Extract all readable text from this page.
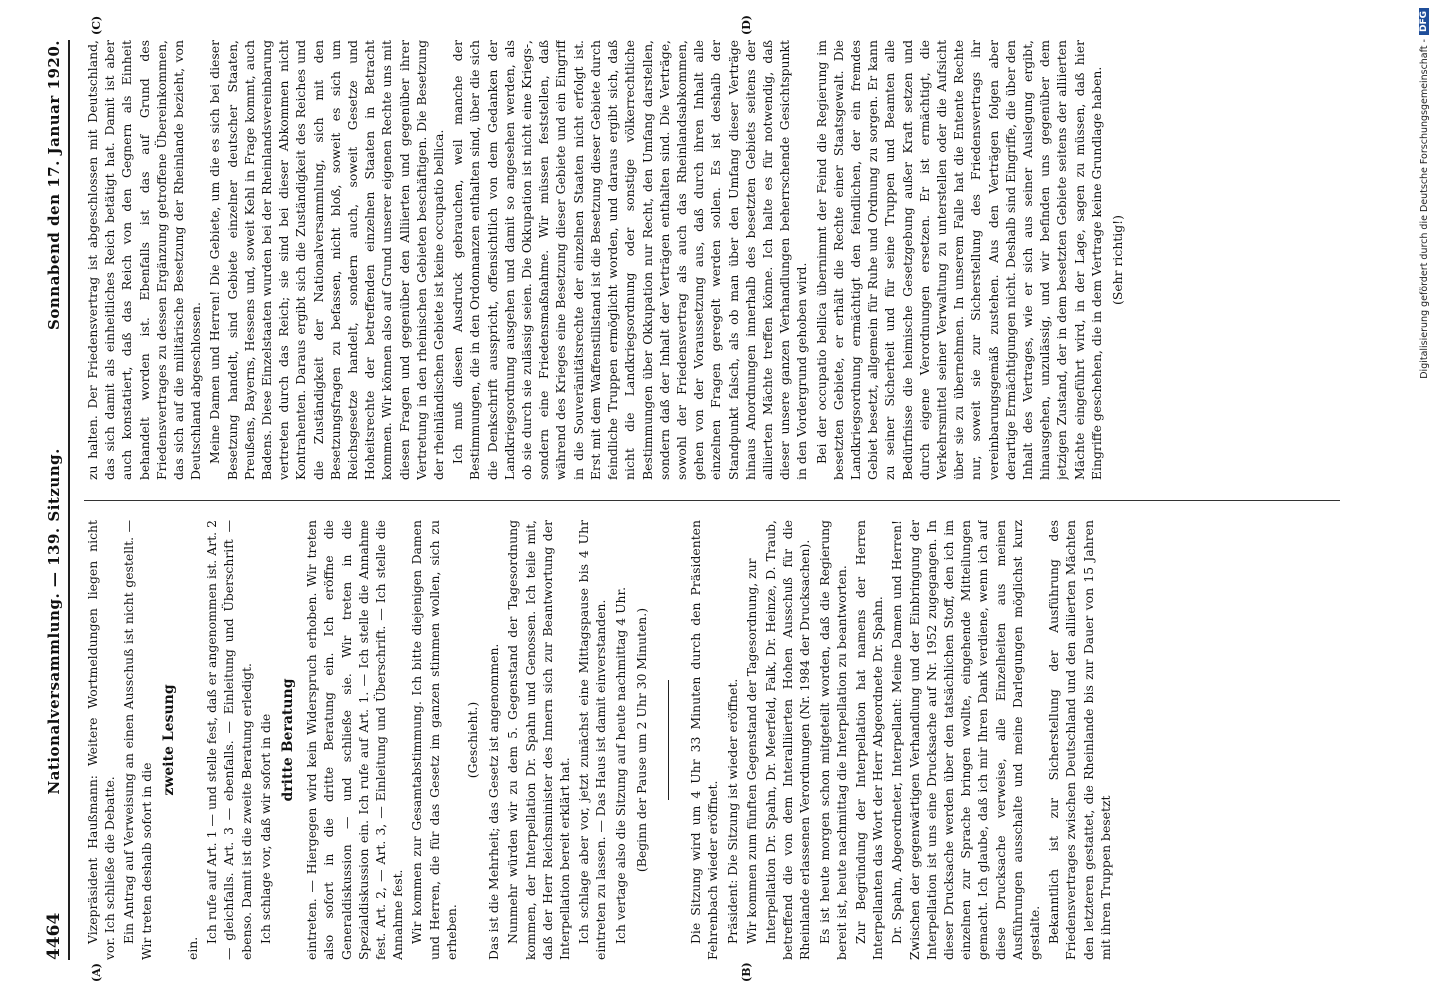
4464
Nationalversammlung. — 139. Sitzung.
Sonnabend den 17. Januar 1920.
(A)	(B)
(C)	(D)

Vizepräsident Haußmann: Weitere Wortmeldungen liegen nicht vor. Ich schließe die Debatte. Ein Antrag auf Verweisung an einen Ausschuß ist nicht gestellt. — Wir treten deshalb sofort in die

zweite Lesung

ein.

Ich rufe auf Art. 1 — und stelle fest, daß er angenommen ist. Art. 2 — gleichfalls. Art. 3 — ebenfalls. — Einleitung und Überschrift — ebenso. Damit ist die zweite Beratung erledigt. Ich schlage vor, daß wir sofort in die dritte Beratung eintreten. — Hiergegen wird kein Widerspruch erhoben. Wir treten also sofort in die dritte Beratung ein. Ich eröffne die Generaldiskussion — und schließe sie. Wir treten in die Spezialdiskussion ein. Ich rufe auf Art. 1. — Ich stelle die Annahme fest. Art. 2, — Art. 3, — Einleitung und Überschrift. — Ich stelle die Annahme fest. Wir kommen zur Gesamtabstimmung. Ich bitte diejenigen Damen und Herren, die für das Gesetz im ganzen stimmen wollen, sich zu erheben.

(Geschieht.) Das ist die Mehrheit; das Gesetz ist angenommen. Nunmehr würden wir zu dem 5. Gegenstand der Tagesordnung kommen, der Interpellation Dr. Spahn und Genossen. Ich teile mit, daß der Herr Reichsminister des Innern sich zur Beantwortung der Interpellation bereit erklärt hat. Ich schlage aber vor, jetzt zunächst eine Mittagspause bis 4 Uhr eintreten zu lassen. — Das Haus ist damit einverstanden. Ich vertage also die Sitzung auf heute nachmittag 4 Uhr. (Beginn der Pause um 2 Uhr 30 Minuten.)	Die Sitzung wird um 4 Uhr 33 Minuten durch den Präsidenten Fehrenbach wieder eröffnet. Präsident: Die Sitzung ist wieder eröffnet. Wir kommen zum fünften Gegenstand der Tagesordnung, zur Interpellation Dr. Spahn, Dr. Meerfeld, Falk, Dr. Heinze, D. Traub, betreffend die von dem Interalliierten Hohen Ausschuß für die Rheinlande erlassenen Verordnungen (Nr. 1984 der Drucksachen). Es ist heute morgen schon mitgeteilt worden, daß die Regierung bereit ist, heute nachmittag die Interpellation zu beantworten. Zur Begründung der Interpellation hat namens der Herren Interpellanten das Wort der Herr Abgeordnete Dr. Spahn. Dr. Spahn, Abgeordneter, Interpellant: Meine Damen und Herren! Zwischen der gegenwärtigen Verhandlung und der Einbringung der Interpellation ist uns eine Drucksache auf Nr. 1952 zugegangen. In dieser Drucksache werden über den tatsächlichen Stoff, den ich im einzelnen zur Sprache bringen wollte, eingehende Mitteilungen gemacht. Ich glaube, daß ich mir Ihren Dank verdiene, wenn ich auf diese Drucksache verweise, alle Einzelheiten aus meinen Ausführungen ausschalte und meine Darlegungen möglichst kurz gestalte. Bekanntlich ist zur Sicherstellung der Ausführung des Friedensvertrages zwischen Deutschland und den alliierten Mächten den letzteren gestattet, die Rheinlande bis zur Dauer von 15 Jahren mit ihren Truppen besetzt

zu halten. Der Friedensvertrag ist abgeschlossen mit Deutschland, das sich damit als einheitliches Reich betätigt hat. Damit ist aber auch konstatiert, daß das Reich von den Gegnern als Einheit behandelt worden ist. Ebenfalls ist das auf Grund des Friedensvertrages zu dessen Ergänzung getroffene Übereinkommen, das sich auf die militärische Besetzung der Rheinlande bezieht, von Deutschland abgeschlossen. Meine Damen und Herren! Die Gebiete, um die es sich bei dieser Besetzung handelt, sind Gebiete einzelner deutscher Staaten, Preußens, Bayerns, Hessens und, soweit Kehl in Frage kommt, auch Badens. Diese Einzelstaaten wurden bei der Rheinlandsvereinbarung vertreten durch das Reich; sie sind bei dieser Abkommen nicht Kontrahenten. Daraus ergibt sich die Zuständigkeit des Reiches und die Zuständigkeit der Nationalversammlung, sich mit den Besetzungsfragen zu befassen, nicht bloß, soweit es sich um Reichsgesetze handelt, sondern auch, soweit Gesetze und Hoheitsrechte der betreffenden einzelnen Staaten in Betracht kommen. Wir können also auf Grund unserer eigenen Rechte uns mit diesen Fragen und gegenüber den Alliierten und gegenüber ihrer Vertretung in den rheinischen Gebieten beschäftigen. Die Besetzung der rheinländischen Gebiete ist keine occupatio bellica. Ich muß diesen Ausdruck gebrauchen, weil manche der Bestimmungen, die in den Ordonnanzen enthalten sind, über die sich die Denkschrift ausspricht, offensichtlich von dem Gedanken der Landkriegsordnung ausgehen und damit so angesehen werden, als ob sie durch sie zulässig seien. Die Okkupation ist nicht eine Kriegs-, sondern eine Friedensmaßnahme. Wir müssen feststellen, daß während des Krieges eine Besetzung dieser Gebiete und ein Eingriff in die Souveränitätsrechte der einzelnen Staaten nicht erfolgt ist. Erst mit dem Waffenstillstand ist die Besetzung dieser Gebiete durch feindliche Truppen ermöglicht worden, und daraus ergibt sich, daß nicht die Landkriegsordnung oder sonstige völkerrechtliche Bestimmungen über Okkupation nur Recht, den Umfang darstellen, sondern daß der Inhalt der Verträgen enthalten sind. Die Verträge, sowohl der Friedensvertrag als auch das Rheinlandsabkommen, gehen von der Voraussetzung aus, daß durch ihren Inhalt alle einzelnen Fragen geregelt werden sollen. Es ist deshalb der Standpunkt falsch, als ob man über den Umfang dieser Verträge hinaus Anordnungen innerhalb des besetzten Gebiets seitens der alliierten Mächte treffen könne. Ich halte es für notwendig, daß dieser unsere ganzen Verhandlungen beherrschende Gesichtspunkt in den Vordergrund gehoben wird. Bei der occupatio bellica übernimmt der Feind die Regierung im besetzten Gebiete, er erhält die Rechte einer Staatsgewalt. Die Landkriegsordnung ermächtigt den feindlichen, der ein fremdes Gebiet besetzt, allgemein für Ruhe und Ordnung zu sorgen. Er kann zu seiner Sicherheit und für seine Truppen und Beamten alle Bedürfnisse die heimische Gesetzgebung außer Kraft setzen und durch eigene Verordnungen ersetzen. Er ist ermächtigt, die Verkehrsmittel seiner Verwaltung zu unterstellen oder die Aufsicht über sie zu übernehmen. In unserem Falle hat die Entente Rechte nur, soweit sie zur Sicherstellung des Friedensvertrags ihr vereinbarungsgemäß zustehen. Aus den Verträgen folgen aber derartige Ermächtigungen nicht. Deshalb sind Eingriffe, die über den Inhalt des Vertrages, wie er sich aus seiner Auslegung ergibt, hinausgehen, unzulässig, und wir befinden uns gegenüber dem jetzigen Zustand, der in dem besetzten Gebiete seitens der alliierten Mächte eingeführt wird, in der Lage, sagen zu müssen, daß hier Eingriffe geschehen, die in dem Vertrage keine Grundlage haben. (Sehr richtig!)	Digitalisierung gefördert durch die Deutsche Forschungsgemeinschaft -
DFG
